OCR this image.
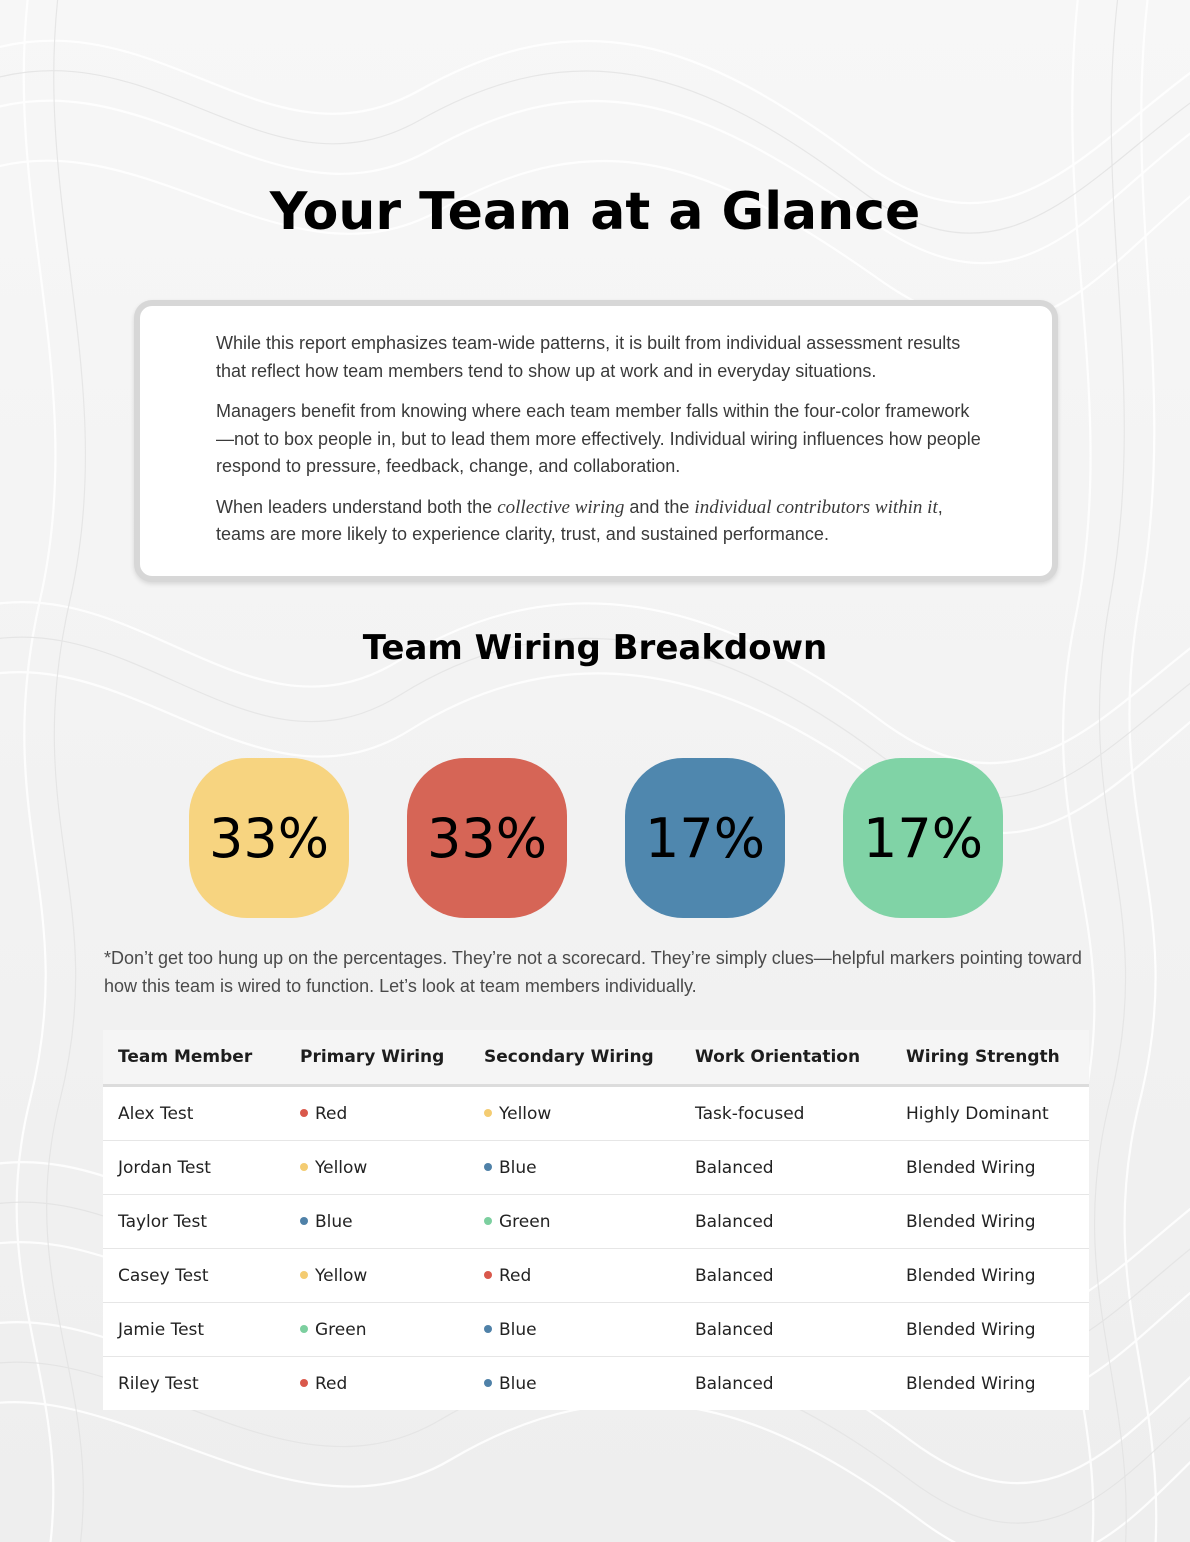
Your Team at a Glance

While this report emphasizes team-wide patterns, it is built from individual assessment results that reflect how team members tend to show up at work and in everyday situations.

Managers benefit from knowing where each team member falls within the four-color framework—not to box people in, but to lead them more effectively. Individual wiring influences how people respond to pressure, feedback, change, and collaboration.

When leaders understand both the collective wiring and the individual contributors within it, teams are more likely to experience clarity, trust, and sustained performance.

Team Wiring Breakdown
33% 33% 17% 17%

*Don’t get too hung up on the percentages. They’re not a scorecard. They’re simply clues—helpful markers pointing toward how this team is wired to function. Let’s look at team members individually.

Team Member	Primary Wiring	Secondary Wiring	Work Orientation	Wiring Strength
Alex Test	Red	Yellow	Task-focused	Highly Dominant
Jordan Test	Yellow	Blue	Balanced	Blended Wiring
Taylor Test	Blue	Green	Balanced	Blended Wiring
Casey Test	Yellow	Red	Balanced	Blended Wiring
Jamie Test	Green	Blue	Balanced	Blended Wiring
Riley Test	Red	Blue	Balanced	Blended Wiring
